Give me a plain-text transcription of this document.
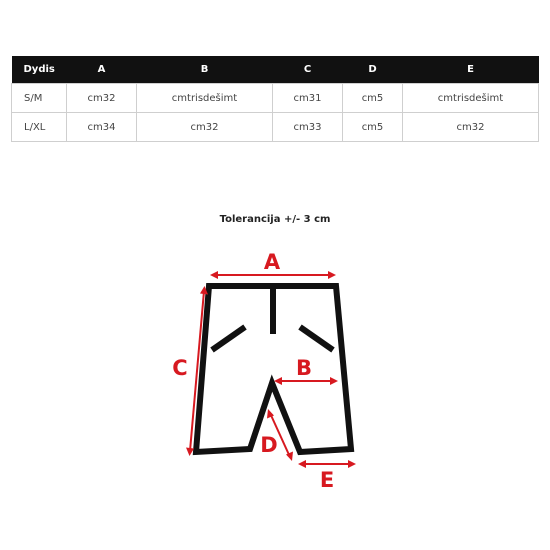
Dydis	A	B	C	D	E
S/M	cm32	cmtrisdešimt	cm31	cm5	cmtrisdešimt
L/XL	cm34	cm32	cm33	cm5	cm32
Tolerancija +/- 3 cm
A
B
C
D
E
